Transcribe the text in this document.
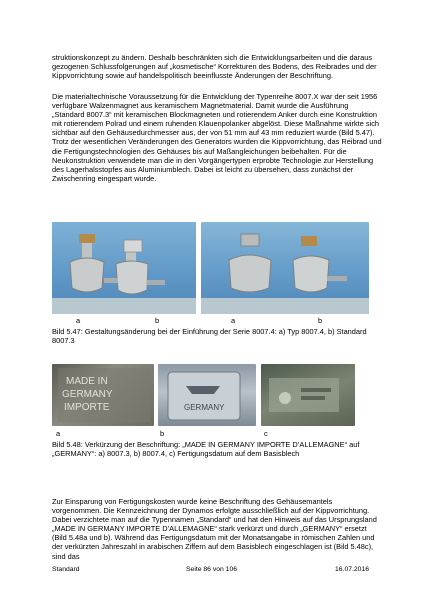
struktionskonzept zu ändern. Deshalb beschränkten sich die Entwicklungsarbeiten und die daraus gezogenen Schlussfolgerungen auf „kosmetische“ Korrekturen des Bodens, des Reibrades und der Kippvorrichtung sowie auf handelspolitisch beeinflusste Änderungen der Beschriftung.

Die materialtechnische Voraussetzung für die Entwicklung der Typenreihe 8007.X war der seit 1956 verfügbare Walzenmagnet aus keramischem Magnetmaterial. Damit wurde die Ausführung „Standard 8007.3“ mit keramischen Blockmagneten und rotierendem Anker durch eine Konstruktion mit rotierendem Polrad und einem ruhenden Klauenpolanker abgelöst. Diese Maßnahme wirkte sich sichtbar auf den Gehäusedurchmesser aus, der von 51 mm auf 43 mm reduziert wurde (Bild 5.47). Trotz der wesentlichen Veränderungen des Generators wurden die Kippvorrichtung, das Reibrad und die Fertigungstechnologien des Gehäuses bis auf Maßangleichungen beibehalten. Für die Neukonstruktion verwendete man die in den Vorgängertypen erprobte Technologie zur Herstellung des Lagerhalsstopfes aus Aluminiumblech. Dabei ist leicht zu übersehen, dass zunächst der Zwischenring eingespart wurde.

a	b	a	b

Bild 5.47: Gestaltungsänderung bei der Einführung der Serie 8007.4: a) Typ 8007.4, b) Standard 8007.3

MADE IN
GERMANY
IMPORTE	GERMANY
a	b	c

Bild 5.48: Verkürzung der Beschriftung: „MADE IN GERMANY IMPORTE D’ALLEMAGNE“ auf „GERMANY“: a) 8007.3, b) 8007.4, c) Fertigungsdatum auf dem Basisblech

Zur Einsparung von Fertigungskosten wurde keine Beschriftung des Gehäusemantels vorgenommen. Die Kennzeichnung der Dynamos erfolgte ausschließlich auf der Kippvorrichtung. Dabei verzichtete man auf die Typennamen „Standard“ und hat den Hinweis auf das Ursprungsland „MADE IN GERMANY IMPORTE D’ALLEMAGNE“ stark verkürzt und durch „GERMANY“ ersetzt (Bild 5.48a und b). Während das Fertigungsdatum mit der Monatsangabe in römischen Zahlen und der verkürzten Jahreszahl in arabischen Ziffern auf dem Basisblech eingeschlagen ist (Bild 5.48c), sind das

Standard	Seite 86 von 106	16.07.2016
